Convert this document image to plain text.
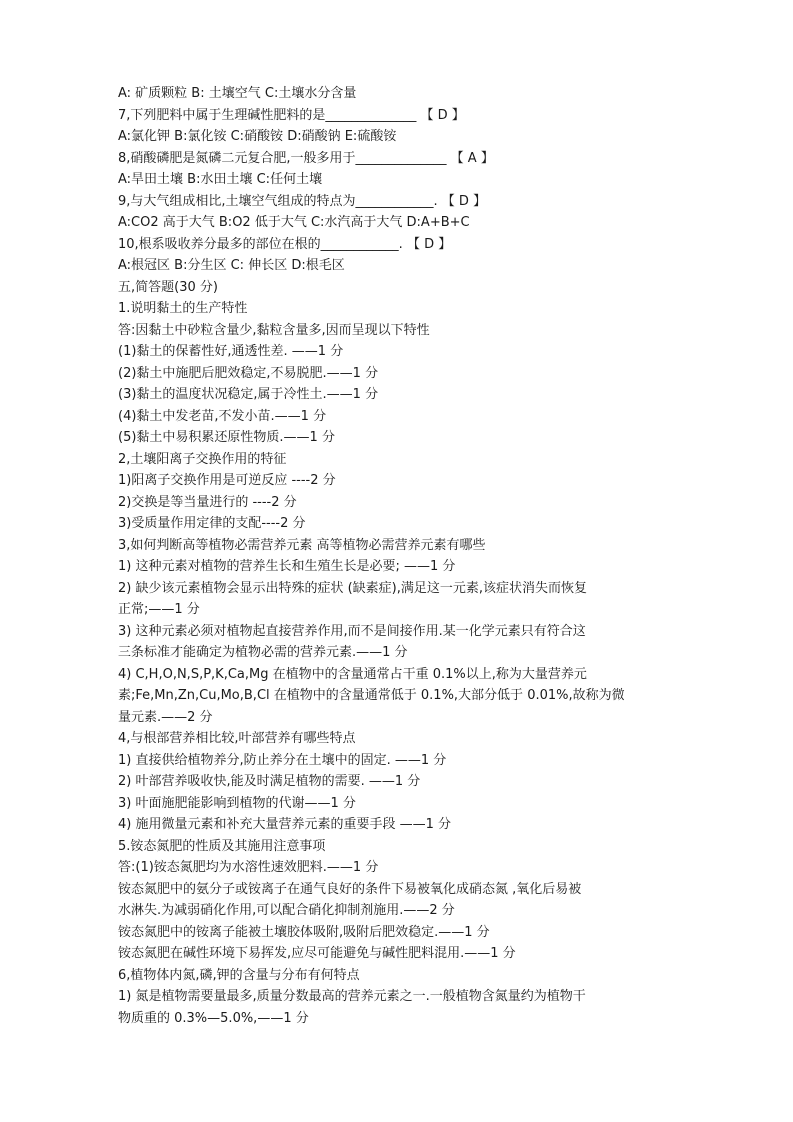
A: 矿质颗粒 B: 土壤空气 C:土壤水分含量
7,下列肥料中属于生理碱性肥料的是______________ 【 D 】
A:氯化钾 B:氯化铵 C:硝酸铵 D:硝酸钠 E:硫酸铵
8,硝酸磷肥是氮磷二元复合肥,一般多用于______________ 【 A 】
A:旱田土壤 B:水田土壤 C:任何土壤
9,与大气组成相比,土壤空气组成的特点为____________. 【 D 】
A:CO2 高于大气 B:O2 低于大气 C:水汽高于大气 D:A+B+C
10,根系吸收养分最多的部位在根的____________. 【 D 】
A:根冠区 B:分生区 C: 伸长区 D:根毛区
五,简答题(30 分)
1.说明黏土的生产特性
答:因黏土中砂粒含量少,黏粒含量多,因而呈现以下特性
(1)黏土的保蓄性好,通透性差. ——1 分
(2)黏土中施肥后肥效稳定,不易脱肥.——1 分
(3)黏土的温度状况稳定,属于冷性土.——1 分
(4)黏土中发老苗,不发小苗.——1 分
(5)黏土中易积累还原性物质.——1 分
2,土壤阳离子交换作用的特征
1)阳离子交换作用是可逆反应 ----2 分
2)交换是等当量进行的 ----2 分
3)受质量作用定律的支配----2 分
3,如何判断高等植物必需营养元素 高等植物必需营养元素有哪些
1) 这种元素对植物的营养生长和生殖生长是必要; ——1 分
2) 缺少该元素植物会显示出特殊的症状 (缺素症),满足这一元素,该症状消失而恢复
正常;——1 分
3) 这种元素必须对植物起直接营养作用,而不是间接作用.某一化学元素只有符合这
三条标准才能确定为植物必需的营养元素.——1 分
4) C,H,O,N,S,P,K,Ca,Mg 在植物中的含量通常占干重 0.1%以上,称为大量营养元
素;Fe,Mn,Zn,Cu,Mo,B,Cl 在植物中的含量通常低于 0.1%,大部分低于 0.01%,故称为微
量元素.——2 分
4,与根部营养相比较,叶部营养有哪些特点
1) 直接供给植物养分,防止养分在土壤中的固定. ——1 分
2) 叶部营养吸收快,能及时满足植物的需要. ——1 分
3) 叶面施肥能影响到植物的代谢——1 分
4) 施用微量元素和补充大量营养元素的重要手段 ——1 分
5.铵态氮肥的性质及其施用注意事项
答:(1)铵态氮肥均为水溶性速效肥料.——1 分
铵态氮肥中的氨分子或铵离子在通气良好的条件下易被氧化成硝态氮 ,氧化后易被
水淋失.为减弱硝化作用,可以配合硝化抑制剂施用.——2 分
铵态氮肥中的铵离子能被土壤胶体吸附,吸附后肥效稳定.——1 分
铵态氮肥在碱性环境下易挥发,应尽可能避免与碱性肥料混用.——1 分
6,植物体内氮,磷,钾的含量与分布有何特点
1) 氮是植物需要量最多,质量分数最高的营养元素之一.一般植物含氮量约为植物干
物质重的 0.3%—5.0%,——1 分
